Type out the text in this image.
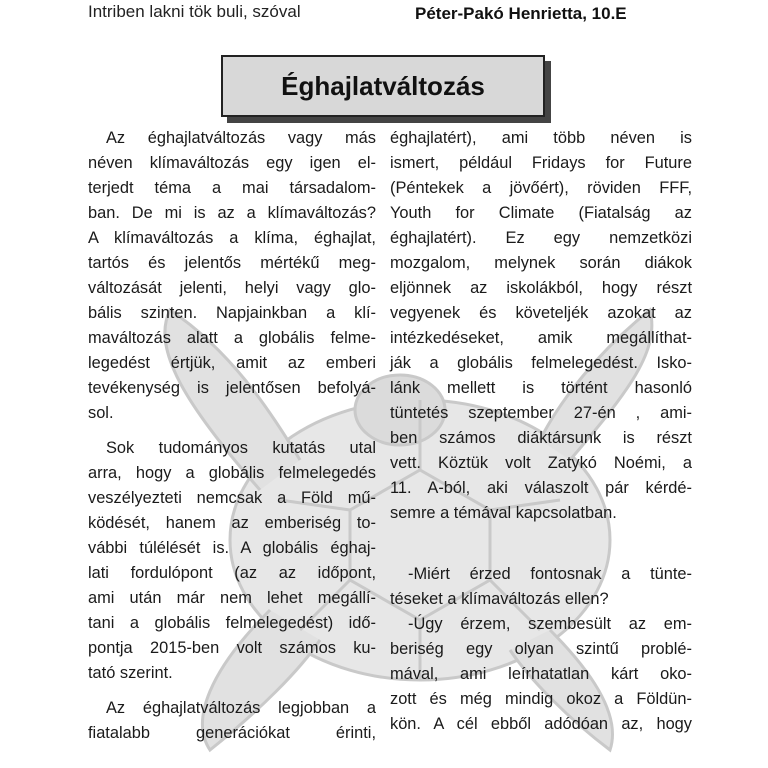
Intriben lakni tök buli, szóval	Péter-Pakó Henrietta, 10.E
Éghajlatváltozás

Az éghajlatváltozás vagy más
néven klímaváltozás egy igen el-
terjedt téma a mai társadalom-
ban. De mi is az a klímaváltozás?
A klímaváltozás a klíma, éghajlat,
tartós és jelentős mértékű meg-
változását jelenti, helyi vagy glo-
bális szinten. Napjainkban a klí-
maváltozás alatt a globális felme-
legedést értjük, amit az emberi
tevékenység is jelentősen befolyá-
sol.

Sok tudományos kutatás utal
arra, hogy a globális felmelegedés
veszélyezteti nemcsak a Föld mű-
ködését, hanem az emberiség to-
vábbi túlélését is. A globális éghaj-
lati fordulópont (az az időpont,
ami után már nem lehet megállí-
tani a globális felmelegedést) idő-
pontja 2015-ben volt számos ku-
tató szerint.

Az éghajlatváltozás legjobban a
fiatalabb generációkat érinti,

éghajlatért), ami több néven is
ismert, például Fridays for Future
(Péntekek a jövőért), röviden FFF,
Youth for Climate (Fiatalság az
éghajlatért). Ez egy nemzetközi
mozgalom, melynek során diákok
eljönnek az iskolákból, hogy részt
vegyenek és követeljék azokat az
intézkedéseket, amik megállíthat-
ják a globális felmelegedést. Isko-
lánk mellett is történt hasonló
tüntetés szeptember 27-én , ami-
ben számos diáktársunk is részt
vett. Köztük volt Zatykó Noémi, a
11. A-ból, aki válaszolt pár kérdé-
semre a témával kapcsolatban.

-Miért érzed fontosnak a tünte-
téseket a klímaváltozás ellen?

-Úgy érzem, szembesült az em-
beriség egy olyan szintű problé-
mával, ami leírhatatlan kárt oko-
zott és még mindig okoz a Földün-
kön. A cél ebből adódóan az, hogy
